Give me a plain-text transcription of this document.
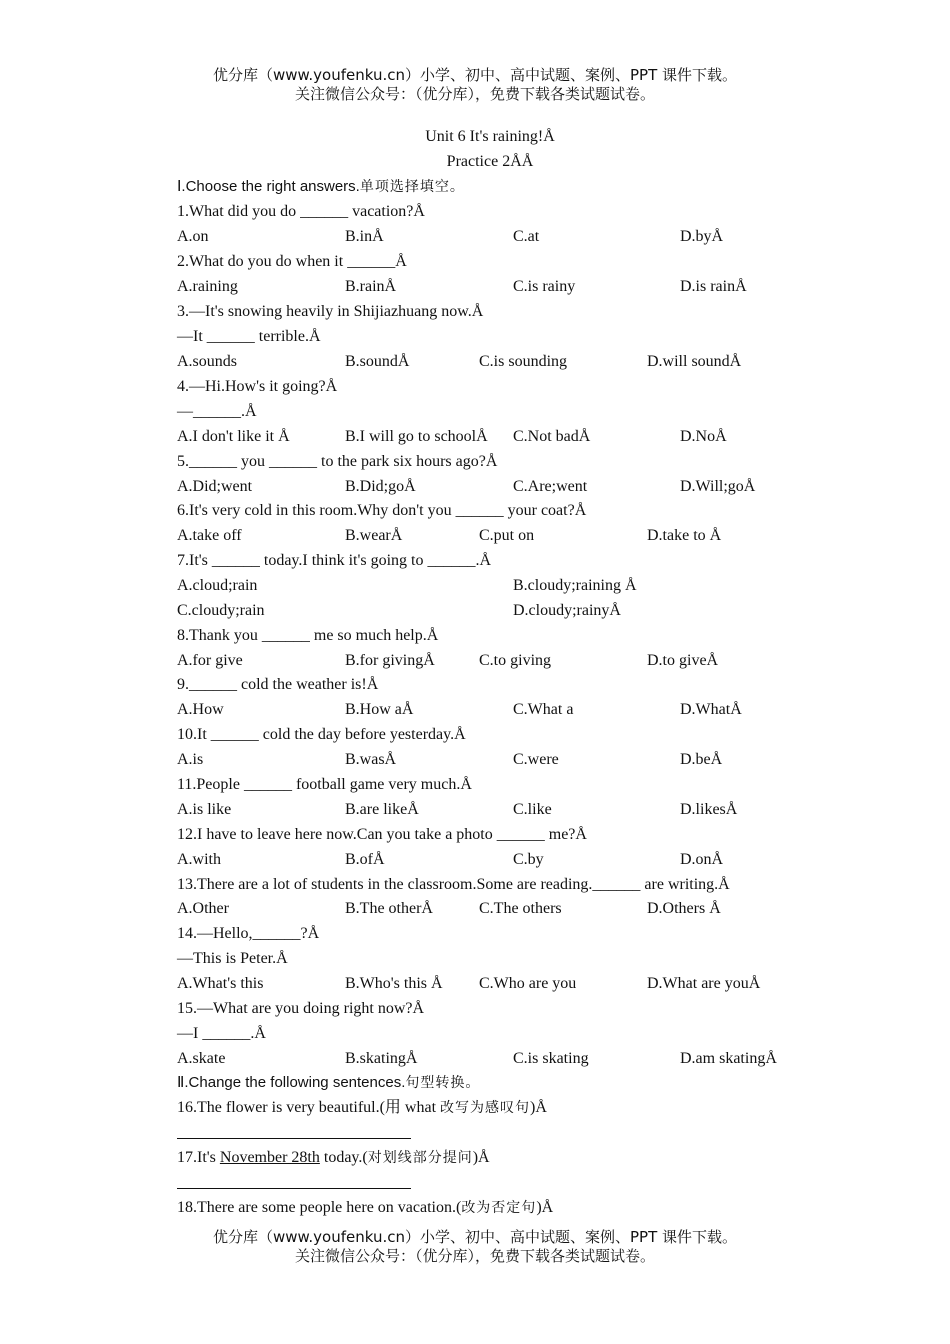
优分库（www.youfenku.cn）小学、初中、高中试题、案例、PPT 课件下载。
关注微信公众号：（优分库），免费下载各类试题试卷。
Unit 6 It's raining!Å
Practice 2ÅÅ
Ⅰ.Choose the right answers.单项选择填空。
1.What did you do ______ vacation?Å
A.on	B.inÅ	C.at	D.byÅ
2.What do you do when it ______Å
A.raining	B.rainÅ	C.is rainy	D.is rainÅ
3.—It's snowing heavily in Shijiazhuang now.Å
—It ______ terrible.Å
A.sounds	B.soundÅ	C.is sounding	D.will soundÅ
4.—Hi.How's it going?Å
—______.Å
A.I don't like it Å	B.I will go to schoolÅ C.Not badÅ	D.NoÅ
5.______ you ______ to the park six hours ago?Å
A.Did;went	B.Did;goÅ	C.Are;went	D.Will;goÅ
6.It's very cold in this room.Why don't you ______ your coat?Å
A.take off	B.wearÅ	C.put on	D.take to Å
7.It's ______ today.I think it's going to ______.Å
A.cloud;rain	B.cloudy;raining Å
C.cloudy;rain	D.cloudy;rainyÅ
8.Thank you ______ me so much help.Å
A.for give	B.for givingÅ	C.to giving	D.to giveÅ
9.______ cold the weather is!Å
A.How	B.How aÅ	C.What a	D.WhatÅ
10.It ______ cold the day before yesterday.Å
A.is	B.wasÅ	C.were	D.beÅ
11.People ______ football game very much.Å
A.is like	B.are likeÅ	C.like	D.likesÅ
12.I have to leave here now.Can you take a photo ______ me?Å
A.with	B.ofÅ	C.by	D.onÅ
13.There are a lot of students in the classroom.Some are reading.______ are writing.Å
A.Other	B.The otherÅ	C.The others	D.Others Å
14.—Hello,______?Å
—This is Peter.Å
A.What's this	B.Who's this Å C.Who are you	D.What are youÅ
15.—What are you doing right now?Å
—I ______.Å
A.skate	B.skatingÅ	C.is skating	D.am skatingÅ
Ⅱ.Change the following sentences.句型转换。
16.The flower is very beautiful.(用 what 改写为感叹句)Å
17.It's November 28th today.(对划线部分提问)Å
18.There are some people here on vacation.(改为否定句)Å
优分库（www.youfenku.cn）小学、初中、高中试题、案例、PPT 课件下载。
关注微信公众号：（优分库），免费下载各类试题试卷。
